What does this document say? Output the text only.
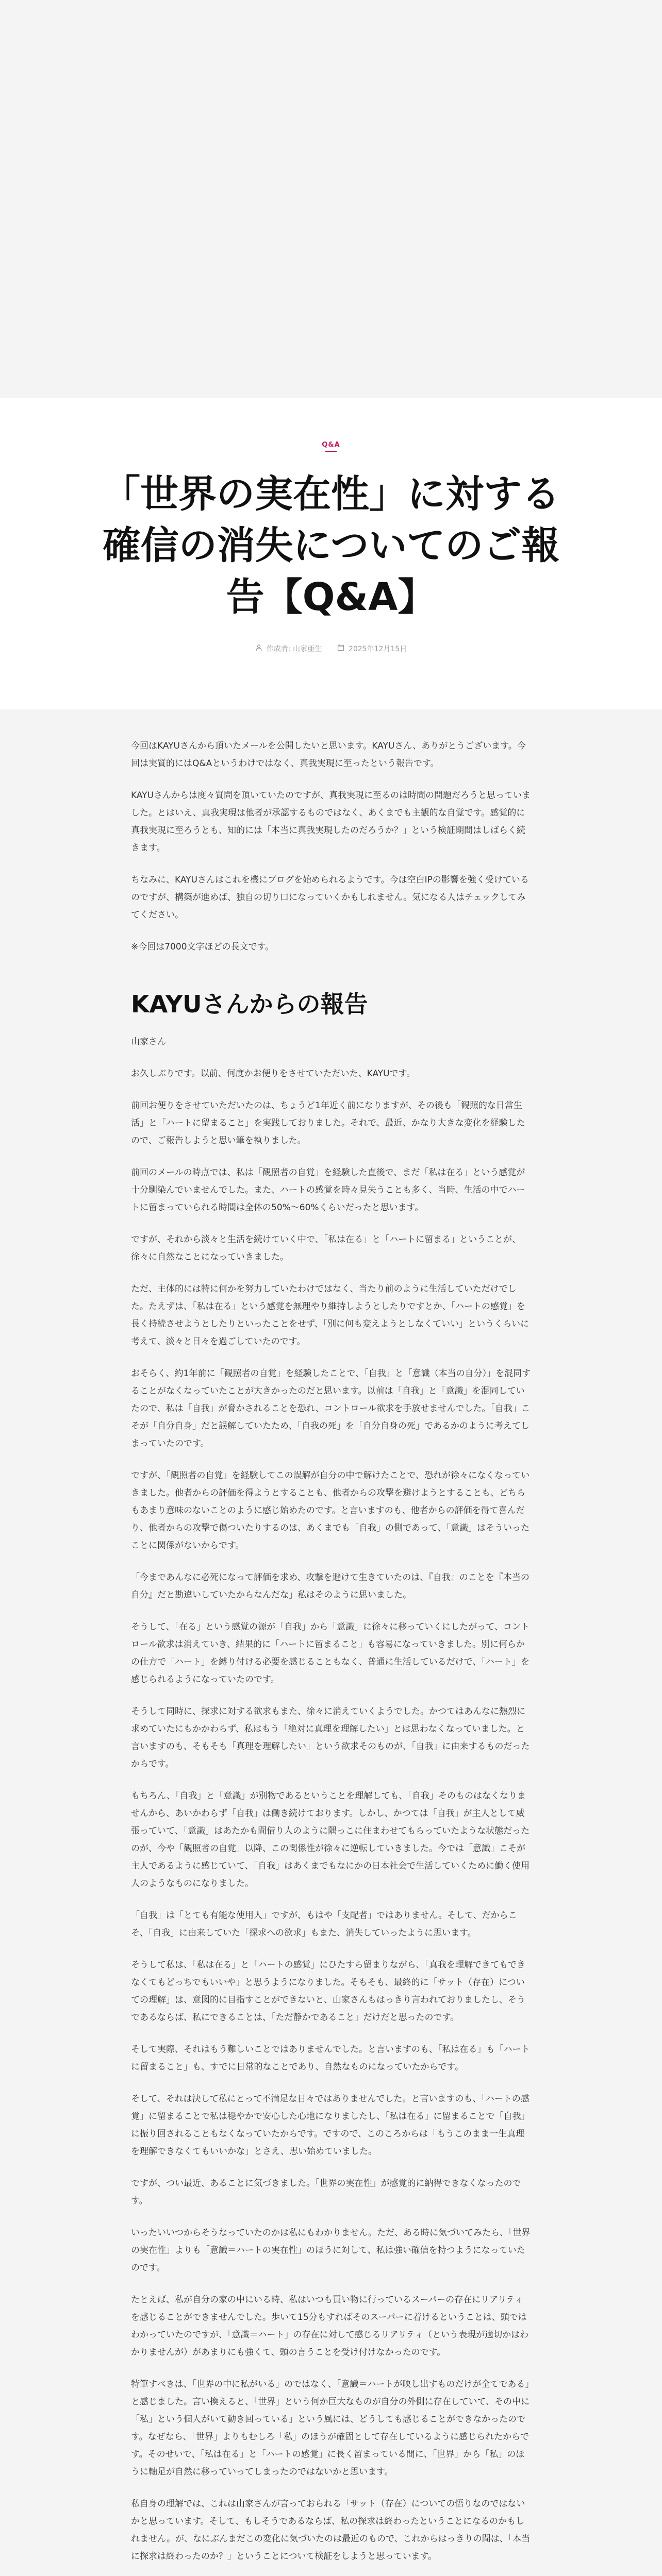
Q&A
「世界の実在性」に対する確信の消失についてのご報告【Q&A】
作成者: 山家亜生	2025年12月15日

今回はKAYUさんから頂いたメールを公開したいと思います。KAYUさん、ありがとうございます。今回は実質的にはQ&Aというわけではなく、真我実現に至ったという報告です。

KAYUさんからは度々質問を頂いていたのですが、真我実現に至るのは時間の問題だろうと思っていました。とはいえ、真我実現は他者が承認するものではなく、あくまでも主観的な自覚です。感覚的に真我実現に至ろうとも、知的には「本当に真我実現したのだろうか？」という検証期間はしばらく続きます。

ちなみに、KAYUさんはこれを機にブログを始められるようです。今は空白IPの影響を強く受けているのですが、構築が進めば、独自の切り口になっていくかもしれません。気になる人はチェックしてみてください。

※今回は7000文字ほどの長文です。

KAYUさんからの報告

山家さん

お久しぶりです。以前、何度かお便りをさせていただいた、KAYUです。

前回お便りをさせていただいたのは、ちょうど1年近く前になりますが、その後も「観照的な日常生活」と「ハートに留まること」を実践しておりました。それで、最近、かなり大きな変化を経験したので、ご報告しようと思い筆を執りました。

前回のメールの時点では、私は「観照者の自覚」を経験した直後で、まだ「私は在る」という感覚が十分馴染んでいませんでした。また、ハートの感覚を時々見失うことも多く、当時、生活の中でハートに留まっていられる時間は全体の50%〜60%くらいだったと思います。

ですが、それから淡々と生活を続けていく中で、「私は在る」と「ハートに留まる」ということが、徐々に自然なことになっていきました。

ただ、主体的には特に何かを努力していたわけではなく、当たり前のように生活していただけでした。たえずは、「私は在る」という感覚を無理やり維持しようとしたりですとか、「ハートの感覚」を長く持続させようとしたりといったことをせず、「別に何も変えようとしなくていい」というくらいに考えて、淡々と日々を過ごしていたのです。

おそらく、約1年前に「観照者の自覚」を経験したことで、「自我」と「意識（本当の自分）」を混同することがなくなっていたことが大きかったのだと思います。以前は「自我」と「意識」を混同していたので、私は「自我」が脅かされることを恐れ、コントロール欲求を手放せませんでした。「自我」こそが「自分自身」だと誤解していたため、「自我の死」を「自分自身の死」であるかのように考えてしまっていたのです。

ですが、「観照者の自覚」を経験してこの誤解が自分の中で解けたことで、恐れが徐々になくなっていきました。他者からの評価を得ようとすることも、他者からの攻撃を避けようとすることも、どちらもあまり意味のないことのように感じ始めたのです。と言いますのも、他者からの評価を得て喜んだり、他者からの攻撃で傷ついたりするのは、あくまでも「自我」の側であって、「意識」はそういったことに関係がないからです。

「今まであんなに必死になって評価を求め、攻撃を避けて生きていたのは、『自我』のことを『本当の自分』だと勘違いしていたからなんだな」私はそのように思いました。

そうして、「在る」という感覚の源が「自我」から「意識」に徐々に移っていくにしたがって、コントロール欲求は消えていき、結果的に「ハートに留まること」も容易になっていきました。別に何らかの仕方で「ハート」を縛り付ける必要を感じることもなく、普通に生活しているだけで、「ハート」を感じられるようになっていたのです。

そうして同時に、探求に対する欲求もまた、徐々に消えていくようでした。かつてはあんなに熱烈に求めていたにもかかわらず、私はもう「絶対に真理を理解したい」とは思わなくなっていました。と言いますのも、そもそも「真理を理解したい」という欲求そのものが、「自我」に由来するものだったからです。

もちろん、「自我」と「意識」が別物であるということを理解しても、「自我」そのものはなくなりませんから、あいかわらず「自我」は働き続けております。しかし、かつては「自我」が主人として威張っていて、「意識」はあたかも間借り人のように隅っこに住まわせてもらっていたような状態だったのが、今や「観照者の自覚」以降、この関係性が徐々に逆転していきました。今では「意識」こそが主人であるように感じていて、「自我」はあくまでもなにかの日本社会で生活していくために働く使用人のようなものになりました。

「自我」は「とても有能な使用人」ですが、もはや「支配者」ではありません。そして、だからこそ、「自我」に由来していた「探求への欲求」もまた、消失していったように思います。

そうして私は、「私は在る」と「ハートの感覚」にひたすら留まりながら、「真我を理解できてもできなくてもどっちでもいいや」と思うようになりました。そもそも、最終的に「サット（存在）についての理解」は、意図的に目指すことができないと、山家さんもはっきり言われておりましたし、そうであるならば、私にできることは、「ただ静かであること」だけだと思ったのです。

そして実際、それはもう難しいことではありませんでした。と言いますのも、「私は在る」も「ハートに留まること」も、すでに日常的なことであり、自然なものになっていたからです。

そして、それは決して私にとって不満足な日々ではありませんでした。と言いますのも、「ハートの感覚」に留まることで私は穏やかで安心した心地になりましたし、「私は在る」に留まることで「自我」に振り回されることもなくなっていたからです。ですので、このころからは「もうこのまま一生真理を理解できなくてもいいかな」とさえ、思い始めていました。

ですが、つい最近、あることに気づきました。「世界の実在性」が感覚的に納得できなくなったのです。

いったいいつからそうなっていたのかは私にもわかりません。ただ、ある時に気づいてみたら、「世界の実在性」よりも「意識＝ハートの実在性」のほうに対して、私は強い確信を持つようになっていたのです。

たとえば、私が自分の家の中にいる時、私はいつも買い物に行っているスーパーの存在にリアリティを感じることができませんでした。歩いて15分もすればそのスーパーに着けるということは、頭ではわかっていたのですが、「意識＝ハート」の存在に対して感じるリアリティ（という表現が適切かはわかりませんが）があまりにも強くて、頭の言うことを受け付けなかったのです。

特筆すべきは、「世界の中に私がいる」のではなく、「意識＝ハートが映し出すものだけが全てである」と感じました。言い換えると、「世界」という何か巨大なものが自分の外側に存在していて、その中に「私」という個人がいて動き回っている」という風には、どうしても感じることができなかったのです。なぜなら、「世界」よりもむしろ「私」のほうが確固として存在しているように感じられたからです。そのせいで、「私は在る」と「ハートの感覚」に長く留まっている間に、「世界」から「私」のほうに軸足が自然に移っていってしまったのではないかと思います。

私自身の理解では、これは山家さんが言っておられる「サット（存在）についての悟りなのではないかと思っています。そして、もしそうであるならば、私の探求は終わったということになるのかもしれません。が、なにぶんまだこの変化に気づいたのは最近のもので、これからはっきりの間は、「本当に探求は終わったのか？」ということについて検証をしようと思っています。
